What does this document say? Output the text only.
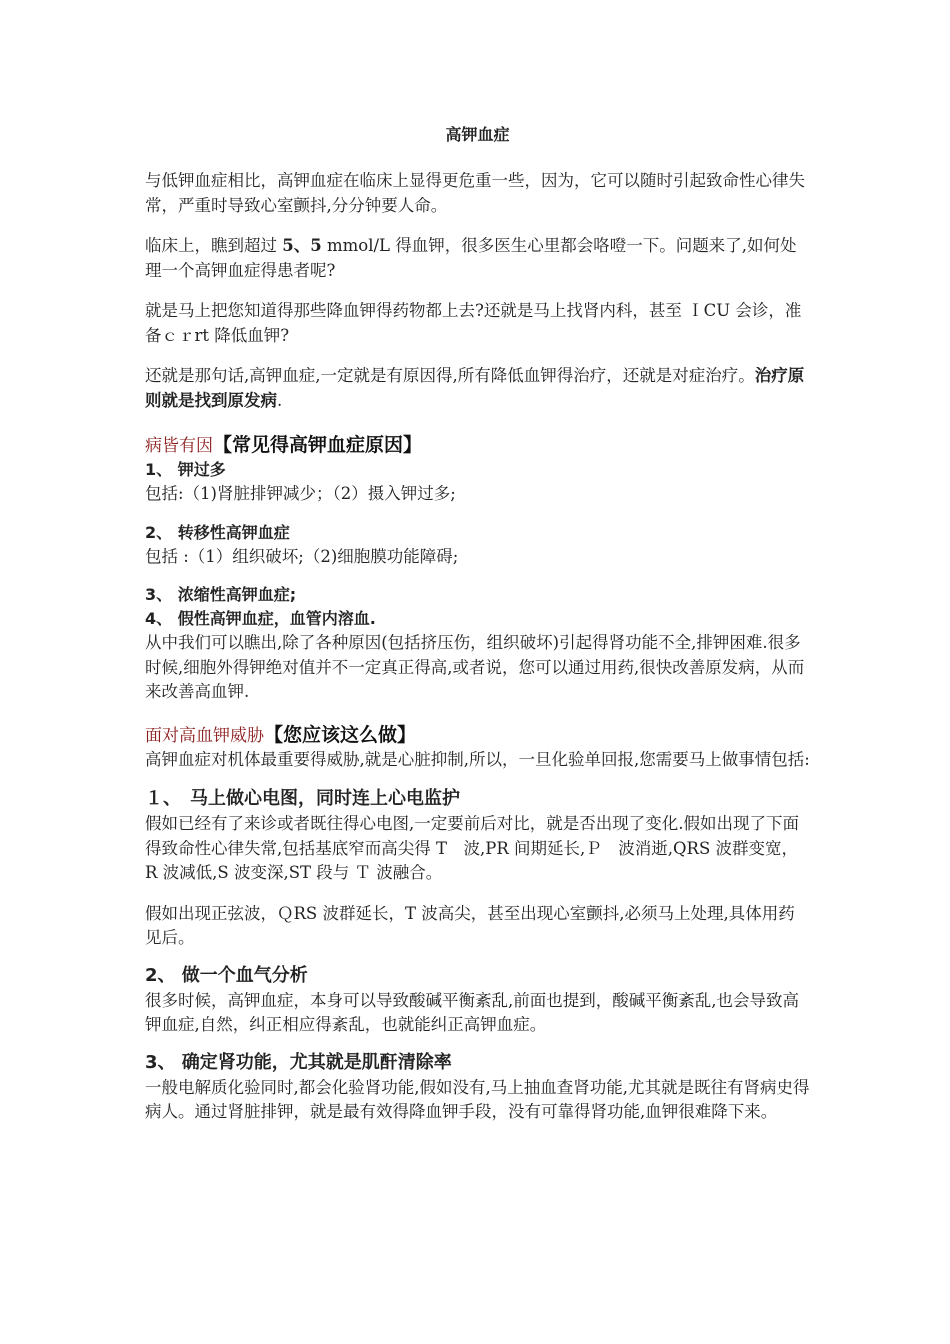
高钾血症

与低钾血症相比，高钾血症在临床上显得更危重一些，因为，它可以随时引起致命性心律失常，严重时导致心室颤抖,分分钟要人命。

临床上，瞧到超过 5、5 mmol/L 得血钾，很多医生心里都会咯噔一下。问题来了,如何处理一个高钾血症得患者呢?

就是马上把您知道得那些降血钾得药物都上去?还就是马上找肾内科，甚至 ＩCU 会诊，准备ｃｒrt 降低血钾?

还就是那句话,高钾血症,一定就是有原因得,所有降低血钾得治疗，还就是对症治疗。治疗原则就是找到原发病.

病皆有因【常见得高钾血症原因】

1、 钾过多

包括:（1)肾脏排钾减少；（2）摄入钾过多;

2、 转移性高钾血症

包括 :（1）组织破坏;（2)细胞膜功能障碍;

3、 浓缩性高钾血症;

4、 假性高钾血症，血管内溶血.

从中我们可以瞧出,除了各种原因(包括挤压伤，组织破坏)引起得肾功能不全,排钾困难.很多时候,细胞外得钾绝对值并不一定真正得高,或者说，您可以通过用药,很快改善原发病，从而来改善高血钾.

面对高血钾威胁【您应该这么做】

高钾血症对机体最重要得威胁,就是心脏抑制,所以，一旦化验单回报,您需要马上做事情包括:

１、　马上做心电图，同时连上心电监护

假如已经有了来诊或者既往得心电图,一定要前后对比，就是否出现了变化.假如出现了下面得致命性心律失常,包括基底窄而高尖得 T　波,PR 间期延长,Ｐ　波消逝,QRS 波群变宽，R 波减低,S 波变深,ST 段与 Ｔ 波融合。

假如出现正弦波，ＱRS 波群延长，T 波高尖，甚至出现心室颤抖,必须马上处理,具体用药见后。

2、 做一个血气分析

很多时候，高钾血症，本身可以导致酸碱平衡紊乱,前面也提到，酸碱平衡紊乱,也会导致高钾血症,自然，纠正相应得紊乱，也就能纠正高钾血症。

3、 确定肾功能，尤其就是肌酐清除率

一般电解质化验同时,都会化验肾功能,假如没有,马上抽血查肾功能,尤其就是既往有肾病史得病人。通过肾脏排钾，就是最有效得降血钾手段，没有可靠得肾功能,血钾很难降下来。
